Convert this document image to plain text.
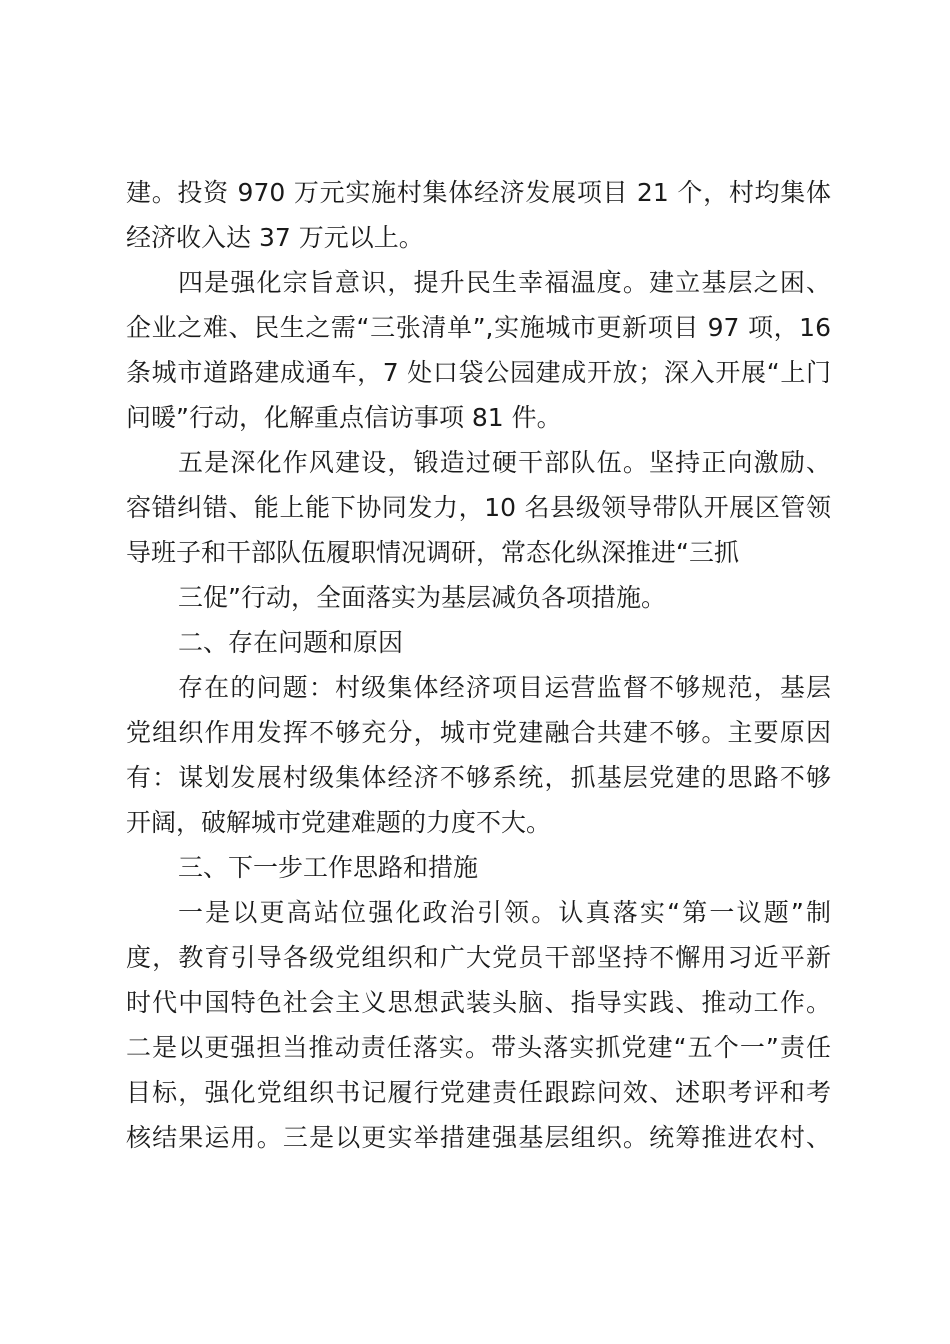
建。投资 970 万元实施村集体经济发展项目 21 个，村均集体
经济收入达 37 万元以上。
四是强化宗旨意识，提升民生幸福温度。建立基层之困、
企业之难、民生之需“三张清单”,实施城市更新项目 97 项，16
条城市道路建成通车，7 处口袋公园建成开放；深入开展“上门
问暖”行动，化解重点信访事项 81 件。
五是深化作风建设，锻造过硬干部队伍。坚持正向激励、
容错纠错、能上能下协同发力，10 名县级领导带队开展区管领
导班子和干部队伍履职情况调研，常态化纵深推进“三抓
三促”行动，全面落实为基层减负各项措施。
二、存在问题和原因
存在的问题：村级集体经济项目运营监督不够规范，基层
党组织作用发挥不够充分，城市党建融合共建不够。主要原因
有：谋划发展村级集体经济不够系统，抓基层党建的思路不够
开阔，破解城市党建难题的力度不大。
三、下一步工作思路和措施
一是以更高站位强化政治引领。认真落实“第一议题”制
度，教育引导各级党组织和广大党员干部坚持不懈用习近平新
时代中国特色社会主义思想武装头脑、指导实践、推动工作。
二是以更强担当推动责任落实。带头落实抓党建“五个一”责任
目标，强化党组织书记履行党建责任跟踪问效、述职考评和考
核结果运用。三是以更实举措建强基层组织。统筹推进农村、
